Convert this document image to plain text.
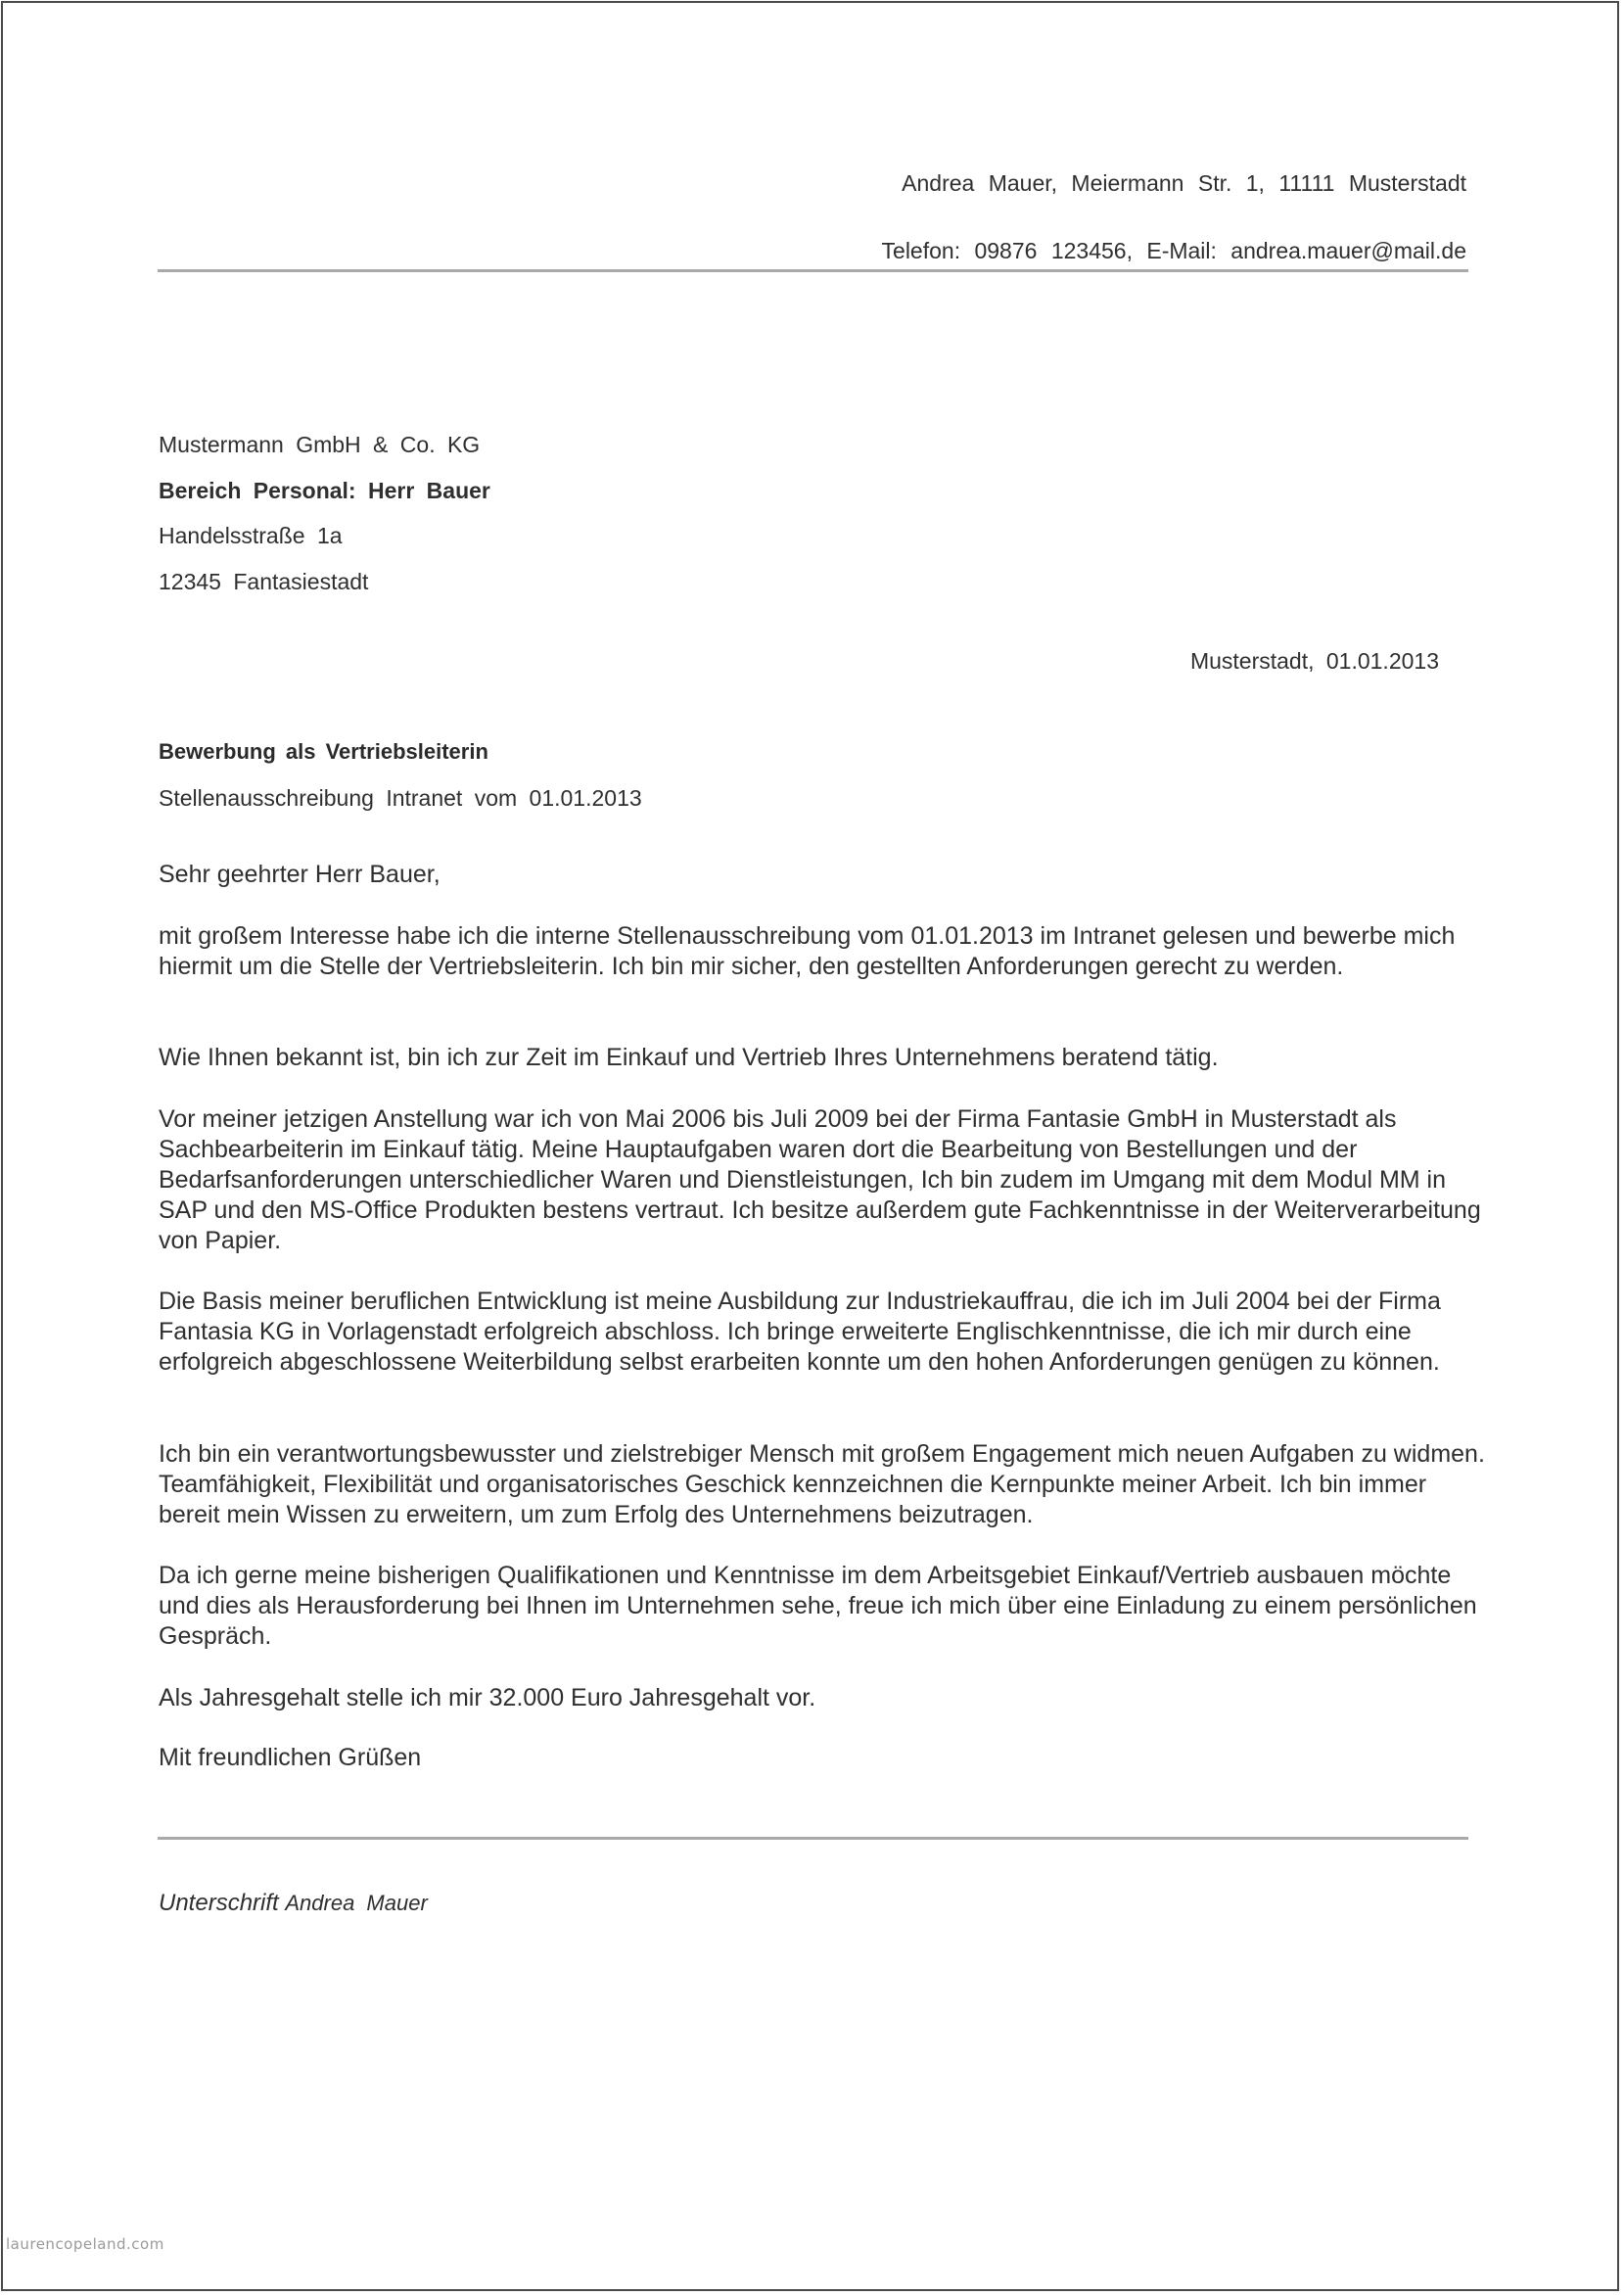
Andrea Mauer, Meiermann Str. 1, 11111 Musterstadt
Telefon: 09876 123456, E-Mail: andrea.mauer@mail.de
Mustermann GmbH & Co. KG
Bereich Personal: Herr Bauer
Handelsstraße 1a
12345 Fantasiestadt
Musterstadt, 01.01.2013
Bewerbung als Vertriebsleiterin
Stellenausschreibung Intranet vom 01.01.2013
Sehr geehrter Herr Bauer,
mit großem Interesse habe ich die interne Stellenausschreibung vom 01.01.2013 im Intranet gelesen und bewerbe mich hiermit um die Stelle der Vertriebsleiterin. Ich bin mir sicher, den gestellten Anforderungen gerecht zu werden.
Wie Ihnen bekannt ist, bin ich zur Zeit im Einkauf und Vertrieb Ihres Unternehmens beratend tätig.
Vor meiner jetzigen Anstellung war ich von Mai 2006 bis Juli 2009 bei der Firma Fantasie GmbH in Musterstadt als Sachbearbeiterin im Einkauf tätig. Meine Hauptaufgaben waren dort die Bearbeitung von Bestellungen und der Bedarfsanforderungen unterschiedlicher Waren und Dienstleistungen, Ich bin zudem im Umgang mit dem Modul MM in SAP und den MS-Office Produkten bestens vertraut. Ich besitze außerdem gute Fachkenntnisse in der Weiterverarbeitung von Papier.
Die Basis meiner beruflichen Entwicklung ist meine Ausbildung zur Industriekauffrau, die ich im Juli 2004 bei der Firma Fantasia KG in Vorlagenstadt erfolgreich abschloss. Ich bringe erweiterte Englischkenntnisse, die ich mir durch eine erfolgreich abgeschlossene Weiterbildung selbst erarbeiten konnte um den hohen Anforderungen genügen zu können.
Ich bin ein verantwortungsbewusster und zielstrebiger Mensch mit großem Engagement mich neuen Aufgaben zu widmen. Teamfähigkeit, Flexibilität und organisatorisches Geschick kennzeichnen die Kernpunkte meiner Arbeit. Ich bin immer bereit mein Wissen zu erweitern, um zum Erfolg des Unternehmens beizutragen.
Da ich gerne meine bisherigen Qualifikationen und Kenntnisse im dem Arbeitsgebiet Einkauf/Vertrieb ausbauen möchte und dies als Herausforderung bei Ihnen im Unternehmen sehe, freue ich mich über eine Einladung zu einem persönlichen Gespräch.
Als Jahresgehalt stelle ich mir 32.000 Euro Jahresgehalt vor.
Mit freundlichen Grüßen
Unterschrift Andrea Mauer
laurencopeland.com
